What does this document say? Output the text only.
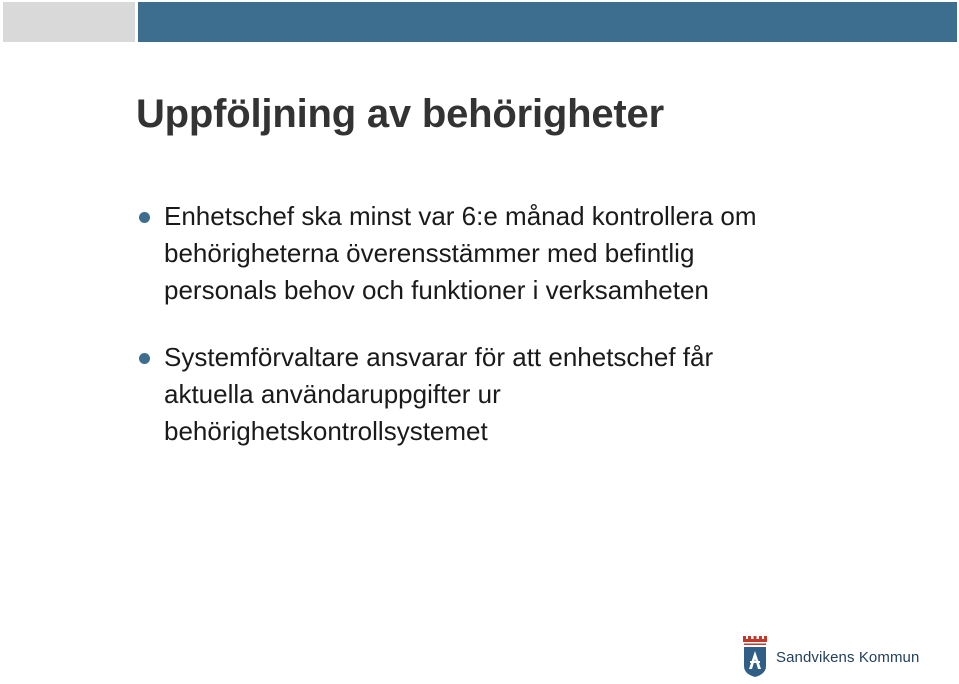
Uppföljning av behörigheter
Enhetschef ska minst var 6:e månad kontrollera om
behörigheterna överensstämmer med befintlig
personals behov och funktioner i verksamheten
Systemförvaltare ansvarar för att enhetschef får
aktuella användaruppgifter ur
behörighetskontrollsystemet
Sandvikens Kommun
